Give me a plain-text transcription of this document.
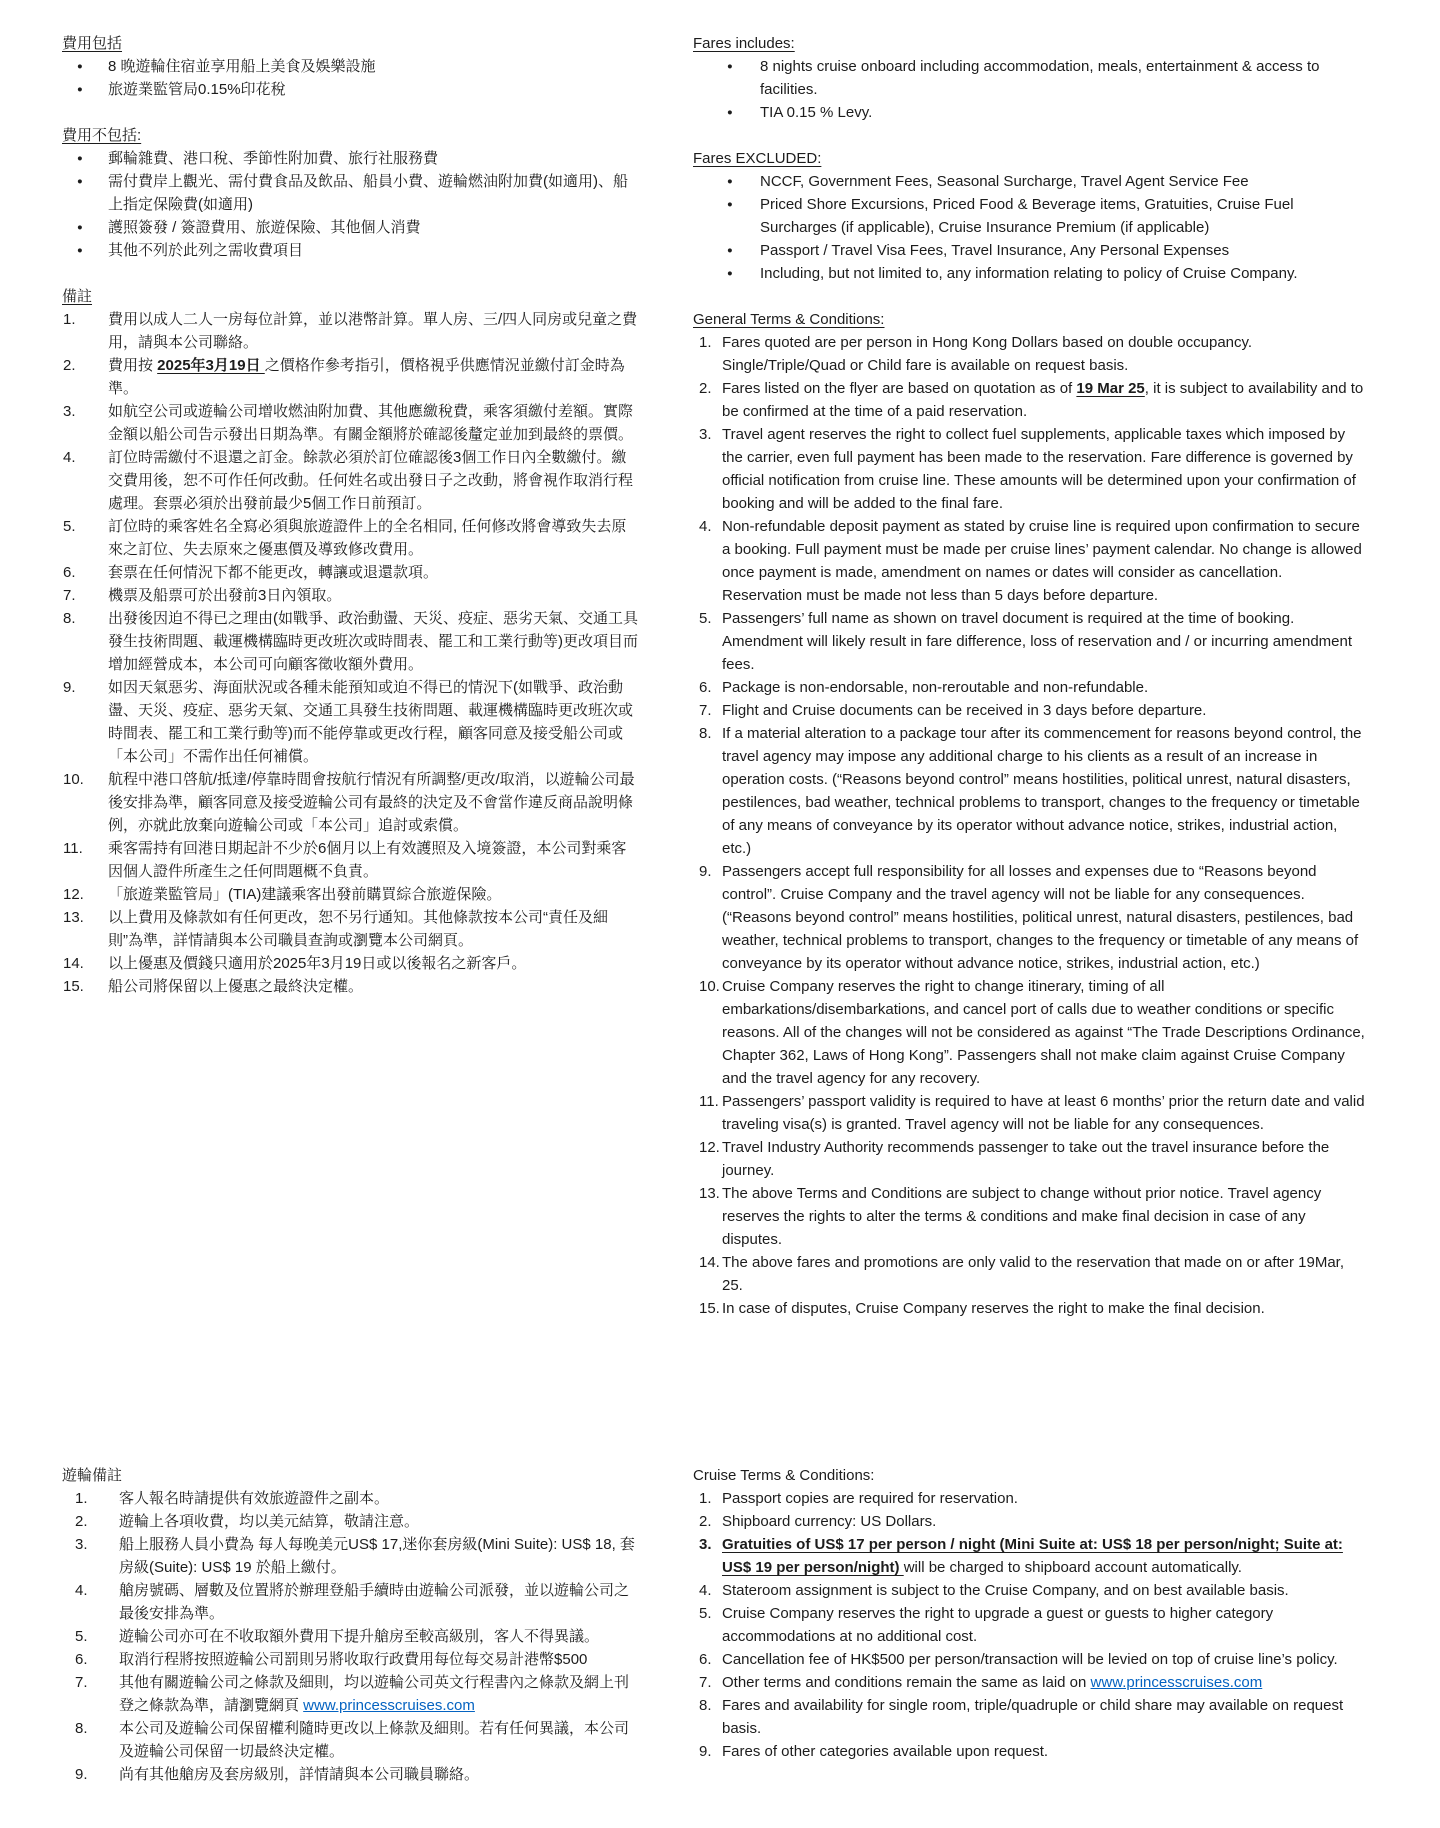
費用包括
●	8 晚遊輪住宿並享用船上美食及娛樂設施
●	旅遊業監管局0.15%印花稅
費用不包括:
●	郵輪雜費、港口稅、季節性附加費、旅行社服務費
●	需付費岸上觀光、需付費食品及飲品、船員小費、遊輪燃油附加費(如適用)、船上指定保險費(如適用)
●	護照簽發 / 簽證費用、旅遊保險、其他個人消費
●	其他不列於此列之需收費項目
備註
1.	費用以成人二人一房每位計算，並以港幣計算。單人房、三/四人同房或兒童之費用，請與本公司聯絡。
2.	費用按 2025年3月19日 之價格作參考指引，價格視乎供應情況並繳付訂金時為準。
3.	如航空公司或遊輪公司增收燃油附加費、其他應繳稅費，乘客須繳付差額。實際金額以船公司告示發出日期為準。有關金額將於確認後釐定並加到最終的票價。
4.	訂位時需繳付不退還之訂金。餘款必須於訂位確認後3個工作日內全數繳付。繳交費用後，恕不可作任何改動。任何姓名或出發日子之改動，將會視作取消行程處理。套票必須於出發前最少5個工作日前預訂。
5.	訂位時的乘客姓名全寫必須與旅遊證件上的全名相同, 任何修改將會導致失去原來之訂位、失去原來之優惠價及導致修改費用。
6.	套票在任何情況下都不能更改，轉讓或退還款項。
7.	機票及船票可於出發前3日內領取。
8.	出發後因迫不得已之理由(如戰爭、政治動盪、天災、疫症、惡劣天氣、交通工具發生技術問題、載運機構臨時更改班次或時間表、罷工和工業行動等)更改項目而增加經營成本，本公司可向顧客徵收額外費用。
9.	如因天氣惡劣、海面狀況或各種未能預知或迫不得已的情況下(如戰爭、政治動盪、天災、疫症、惡劣天氣、交通工具發生技術問題、載運機構臨時更改班次或時間表、罷工和工業行動等)而不能停靠或更改行程，顧客同意及接受船公司或「本公司」不需作出任何補償。
10.	航程中港口啓航/抵達/停靠時間會按航行情況有所調整/更改/取消，以遊輪公司最後安排為準，顧客同意及接受遊輪公司有最終的決定及不會當作違反商品說明條例，亦就此放棄向遊輪公司或「本公司」追討或索償。
11.	乘客需持有回港日期起計不少於6個月以上有效護照及入境簽證，本公司對乘客因個人證件所產生之任何問題概不負責。
12.	「旅遊業監管局」(TIA)建議乘客出發前購買綜合旅遊保險。
13.	以上費用及條款如有任何更改，恕不另行通知。其他條款按本公司“責任及細則”為準，詳情請與本公司職員查詢或瀏覽本公司網頁。
14.	以上優惠及價錢只適用於2025年3月19日或以後報名之新客戶。
15.	船公司將保留以上優惠之最終決定權。
遊輪備註
1.	客人報名時請提供有效旅遊證件之副本。
2.	遊輪上各項收費，均以美元結算，敬請注意。
3.	船上服務人員小費為 每人每晚美元US$ 17,迷你套房級(Mini Suite): US$ 18, 套房級(Suite): US$ 19 於船上繳付。
4.	艙房號碼、層數及位置將於辦理登船手續時由遊輪公司派發，並以遊輪公司之最後安排為準。
5.	遊輪公司亦可在不收取額外費用下提升艙房至較高級別，客人不得異議。
6.	取消行程將按照遊輪公司罰則另將收取行政費用每位每交易計港幣$500
7.	其他有關遊輪公司之條款及細則，均以遊輪公司英文行程書內之條款及網上刊登之條款為準，請瀏覽網頁 www.princesscruises.com
8.	本公司及遊輪公司保留權利隨時更改以上條款及細則。若有任何異議，本公司及遊輪公司保留一切最終決定權。
9.	尚有其他艙房及套房級別，詳情請與本公司職員聯絡。
Fares includes:
●	8 nights cruise onboard including accommodation, meals, entertainment & access to facilities.
●	TIA 0.15 % Levy.
Fares EXCLUDED:
●	NCCF, Government Fees, Seasonal Surcharge, Travel Agent Service Fee
●	Priced Shore Excursions, Priced Food & Beverage items, Gratuities, Cruise Fuel Surcharges (if applicable), Cruise Insurance Premium (if applicable)
●	Passport / Travel Visa Fees, Travel Insurance, Any Personal Expenses
●	Including, but not limited to, any information relating to policy of Cruise Company.
General Terms & Conditions:
1. Fares quoted are per person in Hong Kong Dollars based on double occupancy. Single/Triple/Quad or Child fare is available on request basis.
2. Fares listed on the flyer are based on quotation as of 19 Mar 25, it is subject to availability and to be confirmed at the time of a paid reservation.
3. Travel agent reserves the right to collect fuel supplements, applicable taxes which imposed by the carrier, even full payment has been made to the reservation. Fare difference is governed by official notification from cruise line. These amounts will be determined upon your confirmation of booking and will be added to the final fare.
4. Non-refundable deposit payment as stated by cruise line is required upon confirmation to secure a booking. Full payment must be made per cruise lines’ payment calendar. No change is allowed once payment is made, amendment on names or dates will consider as cancellation. Reservation must be made not less than 5 days before departure.
5. Passengers’ full name as shown on travel document is required at the time of booking. Amendment will likely result in fare difference, loss of reservation and / or incurring amendment fees.
6. Package is non-endorsable, non-reroutable and non-refundable.
7. Flight and Cruise documents can be received in 3 days before departure.
8. If a material alteration to a package tour after its commencement for reasons beyond control, the travel agency may impose any additional charge to his clients as a result of an increase in operation costs. (“Reasons beyond control” means hostilities, political unrest, natural disasters, pestilences, bad weather, technical problems to transport, changes to the frequency or timetable of any means of conveyance by its operator without advance notice, strikes, industrial action, etc.)
9. Passengers accept full responsibility for all losses and expenses due to “Reasons beyond control”. Cruise Company and the travel agency will not be liable for any consequences. (“Reasons beyond control” means hostilities, political unrest, natural disasters, pestilences, bad weather, technical problems to transport, changes to the frequency or timetable of any means of conveyance by its operator without advance notice, strikes, industrial action, etc.)
10. Cruise Company reserves the right to change itinerary, timing of all embarkations/disembarkations, and cancel port of calls due to weather conditions or specific reasons. All of the changes will not be considered as against “The Trade Descriptions Ordinance, Chapter 362, Laws of Hong Kong”. Passengers shall not make claim against Cruise Company and the travel agency for any recovery.
11. Passengers’ passport validity is required to have at least 6 months’ prior the return date and valid traveling visa(s) is granted. Travel agency will not be liable for any consequences.
12. Travel Industry Authority recommends passenger to take out the travel insurance before the journey.
13. The above Terms and Conditions are subject to change without prior notice. Travel agency reserves the rights to alter the terms & conditions and make final decision in case of any disputes.
14. The above fares and promotions are only valid to the reservation that made on or after 19Mar, 25.
15. In case of disputes, Cruise Company reserves the right to make the final decision.
Cruise Terms & Conditions:
1. Passport copies are required for reservation.
2. Shipboard currency: US Dollars.
3. Gratuities of US$ 17 per person / night (Mini Suite at: US$ 18 per person/night; Suite at: US$ 19 per person/night) will be charged to shipboard account automatically.
4. Stateroom assignment is subject to the Cruise Company, and on best available basis.
5. Cruise Company reserves the right to upgrade a guest or guests to higher category accommodations at no additional cost.
6. Cancellation fee of HK$500 per person/transaction will be levied on top of cruise line’s policy.
7. Other terms and conditions remain the same as laid on www.princesscruises.com
8. Fares and availability for single room, triple/quadruple or child share may available on request basis.
9. Fares of other categories available upon request.
